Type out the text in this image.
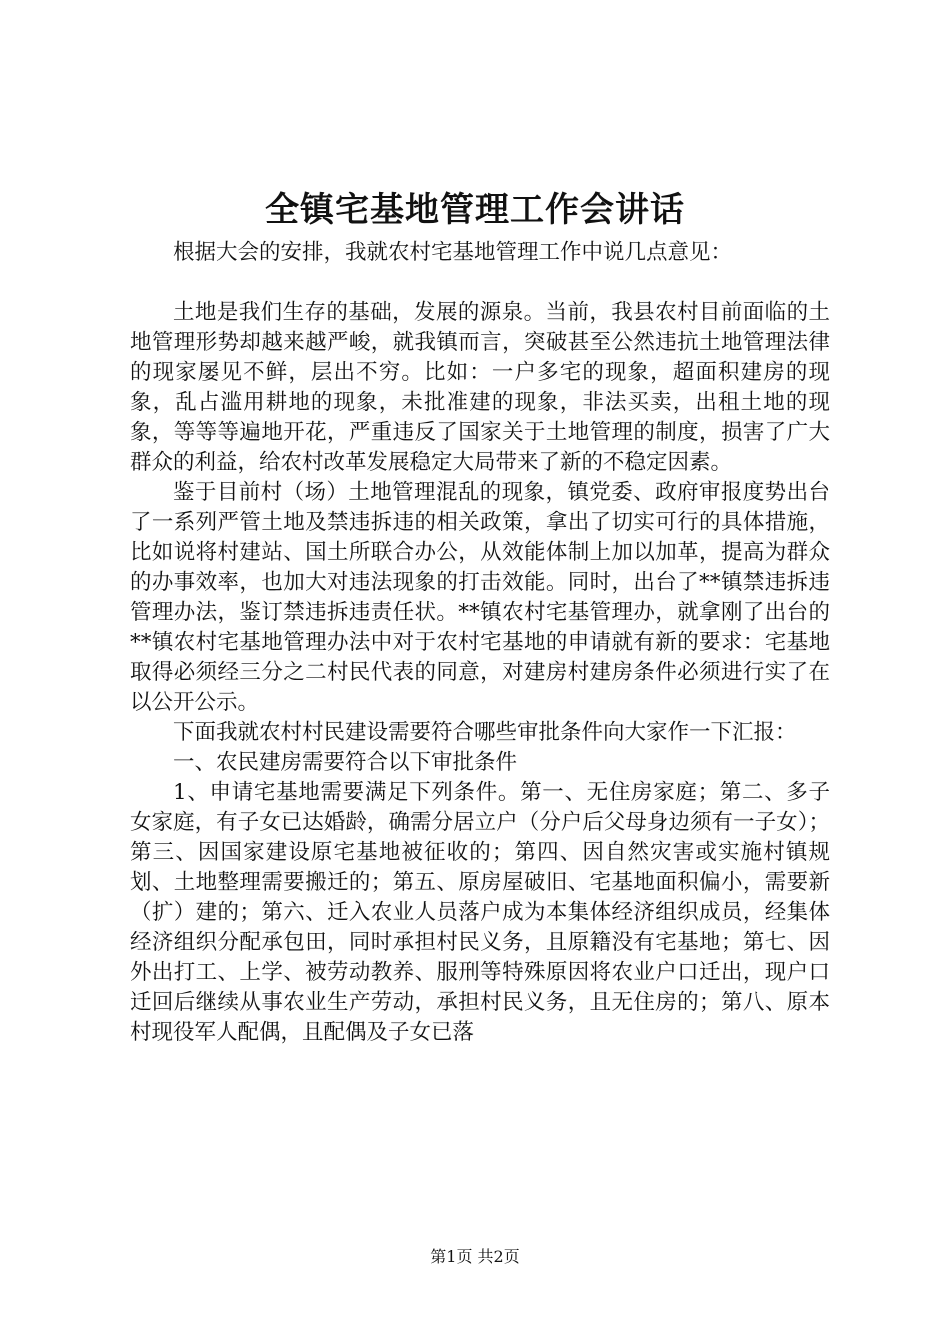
全镇宅基地管理工作会讲话

根据大会的安排，我就农村宅基地管理工作中说几点意见：

土地是我们生存的基础，发展的源泉。当前，我县农村目前面临的土地管理形势却越来越严峻，就我镇而言，突破甚至公然违抗土地管理法律的现家屡见不鲜，层出不穷。比如：一户多宅的现象，超面积建房的现象，乱占滥用耕地的现象，未批准建的现象，非法买卖，出租土地的现象，等等等遍地开花，严重违反了国家关于土地管理的制度，损害了广大群众的利益，给农村改革发展稳定大局带来了新的不稳定因素。

鉴于目前村（场）土地管理混乱的现象，镇党委、政府审报度势出台了一系列严管土地及禁违拆违的相关政策，拿出了切实可行的具体措施，比如说将村建站、国土所联合办公，从效能体制上加以加革，提高为群众的办事效率，也加大对违法现象的打击效能。同时，出台了**镇禁违拆违管理办法，鉴订禁违拆违责任状。**镇农村宅基管理办，就拿刚了出台的**镇农村宅基地管理办法中对于农村宅基地的申请就有新的要求：宅基地取得必须经三分之二村民代表的同意，对建房村建房条件必须进行实了在以公开公示。

下面我就农村村民建设需要符合哪些审批条件向大家作一下汇报：

一、农民建房需要符合以下审批条件

1、申请宅基地需要满足下列条件。第一、无住房家庭；第二、多子女家庭，有子女已达婚龄，确需分居立户（分户后父母身边须有一子女）；第三、因国家建设原宅基地被征收的；第四、因自然灾害或实施村镇规划、土地整理需要搬迁的；第五、原房屋破旧、宅基地面积偏小，需要新（扩）建的；第六、迁入农业人员落户成为本集体经济组织成员，经集体经济组织分配承包田，同时承担村民义务，且原籍没有宅基地；第七、因外出打工、上学、被劳动教养、服刑等特殊原因将农业户口迁出，现户口迁回后继续从事农业生产劳动，承担村民义务，且无住房的；第八、原本村现役军人配偶，且配偶及子女已落

第1页 共2页
